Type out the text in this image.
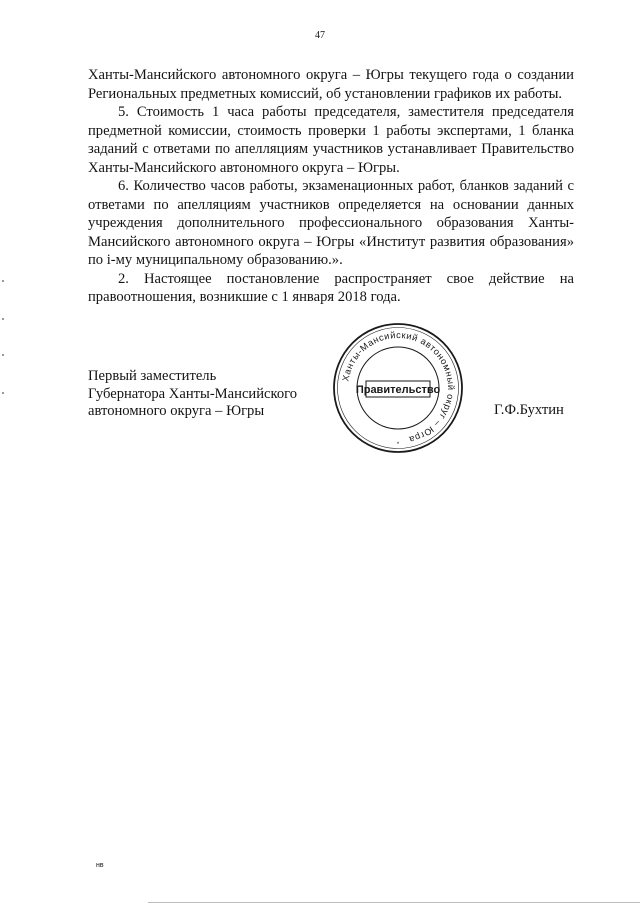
47

Ханты-Мансийского автономного округа – Югры текущего года о создании Региональных предметных комиссий, об установлении графиков их работы.

5. Стоимость 1 часа работы председателя, заместителя председателя предметной комиссии, стоимость проверки 1 работы экспертами, 1 бланка заданий с ответами по апелляциям участников устанавливает Правительство Ханты-Мансийского автономного округа – Югры.

6. Количество часов работы, экзаменационных работ, бланков заданий с ответами по апелляциям участников определяется на основании данных учреждения дополнительного профессионального образования Ханты-Мансийского автономного округа – Югры «Институт развития образования» по i-му муниципальному образованию.».

2. Настоящее постановление распространяет свое действие на правоотношения, возникшие с 1 января 2018 года.

Первый заместитель
Губернатора Ханты-Мансийского
автономного округа – Югры
Ханты-Мансийский автономный округ – Югра
Правительство
*
Г.Ф.Бухтин
нв
